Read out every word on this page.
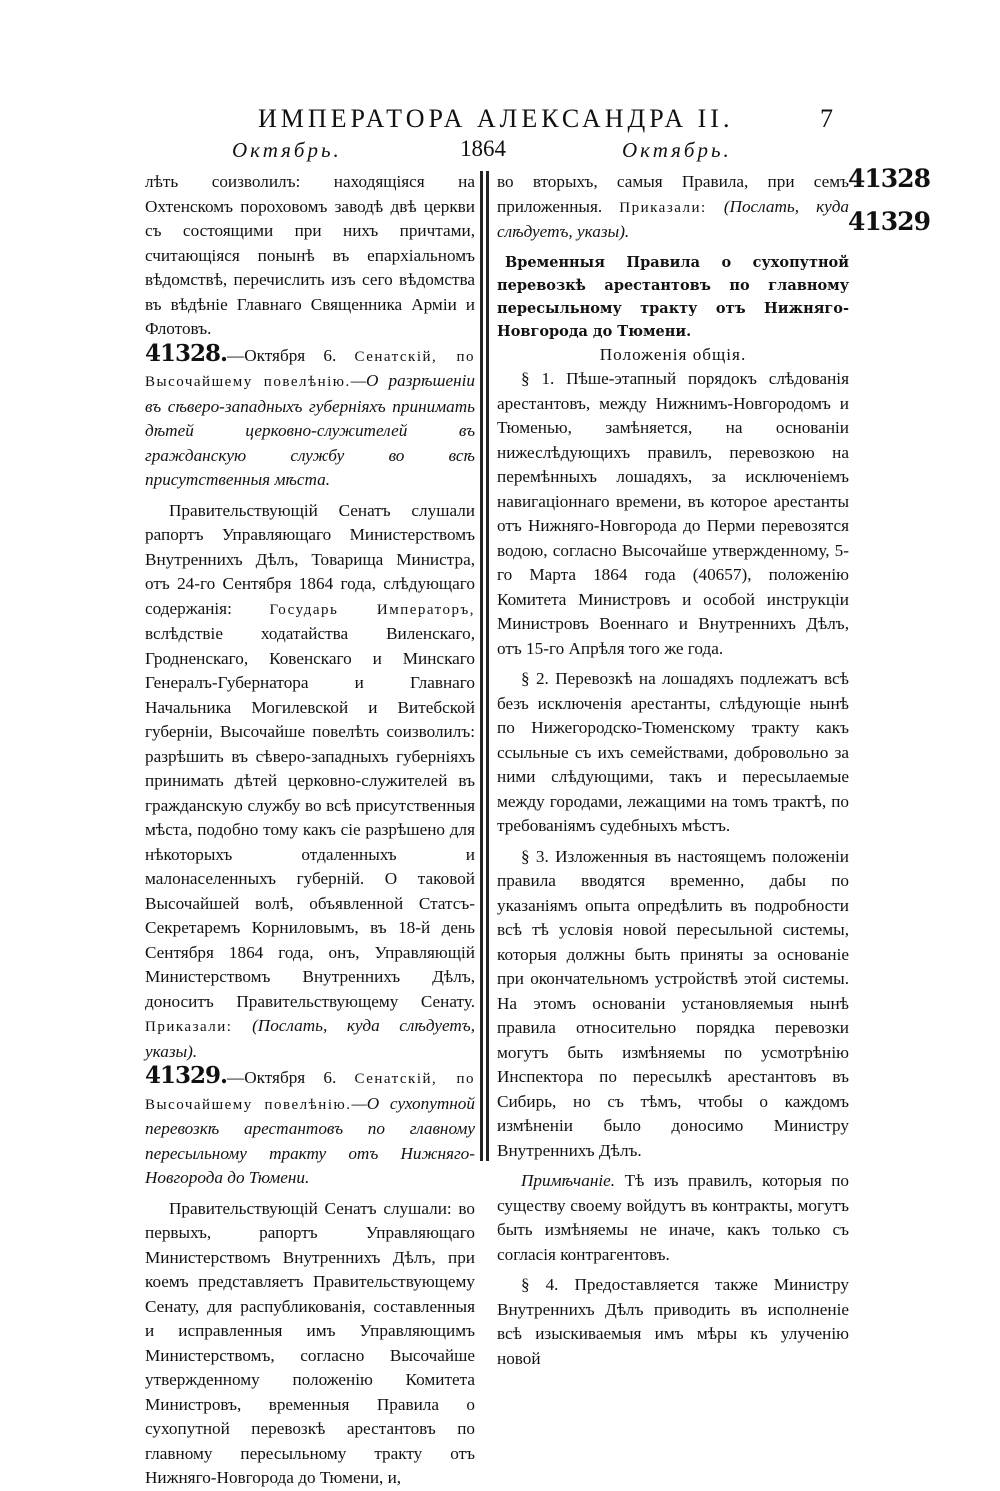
ИМПЕРАТОРА АЛЕКСАНДРА II.	7
Октябрь.	1864	Октябрь.
41328
41329

лѣть соизволилъ: находящіяся на Охтенскомъ пороховомъ заводѣ двѣ церкви съ состоящими при нихъ причтами, считающіяся понынѣ въ епархіальномъ вѣдомствѣ, перечислить изъ сего вѣдомства въ вѣдѣніе Главнаго Священника Арміи и Флотовъ.

41328.—Октября 6. Сенатскій, по Высочайшему повелѣнію.—О разрѣшеніи въ сѣверо-западныхъ губерніяхъ принимать дѣтей церковно-служителей въ гражданскую службу во всѣ присутственныя мѣста.

Правительствующій Сенатъ слушали рапортъ Управляющаго Министерствомъ Внутреннихъ Дѣлъ, Товарища Министра, отъ 24-го Сентября 1864 года, слѣдующаго содержанія:	Государь Императоръ, вслѣдствіе ходатайства Виленскаго, Гродненскаго, Ковенскаго и Минскаго Генералъ-Губернатора и Главнаго Начальника Могилевской и Витебской губерніи, Высочайше повелѣть соизволилъ: разрѣшить въ сѣверо-западныхъ губерніяхъ принимать дѣтей церковно-служителей въ гражданскую службу во всѣ присутственныя мѣста, подобно тому какъ сіе разрѣшено для нѣкоторыхъ отдаленныхъ и малонаселенныхъ губерній. О таковой Высочайшей волѣ, объявленной Статсъ-Секретаремъ Корниловымъ, въ 18-й день Сентября 1864 года, онъ, Управляющій Министерствомъ Внутреннихъ Дѣлъ, доноситъ Правительствующему Сенату. Приказали: (Послать, куда слѣдуетъ, указы).

41329.—Октября 6. Сенатскій, по Высочайшему повелѣнію.—О сухопутной перевозкѣ арестантовъ по главному пересыльному тракту отъ Нижняго-Новгорода до Тюмени.

Правительствующій Сенатъ слушали: во первыхъ, рапортъ Управляющаго Министерствомъ Внутреннихъ Дѣлъ, при коемъ представляетъ Правительствующему Сенату, для распубликованія, составленныя и исправленныя имъ Управляющимъ Министерствомъ, согласно Высочайше утвержденному положенію Комитета Министровъ, временныя Правила о сухопутной перевозкѣ арестантовъ по главному пересыльному тракту отъ Нижняго-Новгорода до Тюмени, и,

во вторыхъ, самыя Правила, при семъ приложенныя. Приказали: (Послать, куда слѣдуетъ, указы).

Временныя Правила о сухопутной перевозкѣ арестантовъ по главному пересыльному тракту отъ Нижняго-Новгорода до Тюмени.

Положенія общія.

§ 1. Пѣше-этапный порядокъ слѣдованія арестантовъ, между Нижнимъ-Новгородомъ и Тюменью, замѣняется, на основаніи нижеслѣдующихъ правилъ, перевозкою на перемѣнныхъ лошадяхъ, за исключеніемъ навигаціоннаго времени, въ которое арестанты отъ Нижняго-Новгорода до Перми перевозятся водою, согласно Высочайше утвержденному, 5-го Марта 1864 года (40657), положенію Комитета Министровъ и особой инструкціи Министровъ Военнаго и Внутреннихъ Дѣлъ, отъ 15-го Апрѣля того же года.

§ 2. Перевозкѣ на лошадяхъ подлежатъ всѣ безъ исключенія арестанты, слѣдующіе нынѣ по Нижегородско-Тюменскому тракту какъ ссыльные съ ихъ семействами, добровольно за ними слѣдующими, такъ и пересылаемые между городами, лежащими на томъ трактѣ, по требованіямъ судебныхъ мѣстъ.

§ 3. Изложенныя въ настоящемъ положеніи правила вводятся временно, дабы по указаніямъ опыта опредѣлить въ подробности всѣ тѣ условія новой пересыльной системы, которыя должны быть приняты за основаніе при окончательномъ устройствѣ этой системы. На этомъ основаніи установляемыя нынѣ правила относительно порядка перевозки могутъ быть измѣняемы по усмотрѣнію Инспектора по пересылкѣ арестантовъ въ Сибирь, но съ тѣмъ, чтобы о каждомъ измѣненіи было доносимо Министру Внутреннихъ Дѣлъ.

Примѣчаніе. Тѣ изъ правилъ, которыя по существу своему войдутъ въ контракты, могутъ быть измѣняемы не иначе, какъ только съ согласія контрагентовъ.

§ 4. Предоставляется также Министру Внутреннихъ Дѣлъ приводить въ исполненіе всѣ изыскиваемыя имъ мѣры къ улученію новой
